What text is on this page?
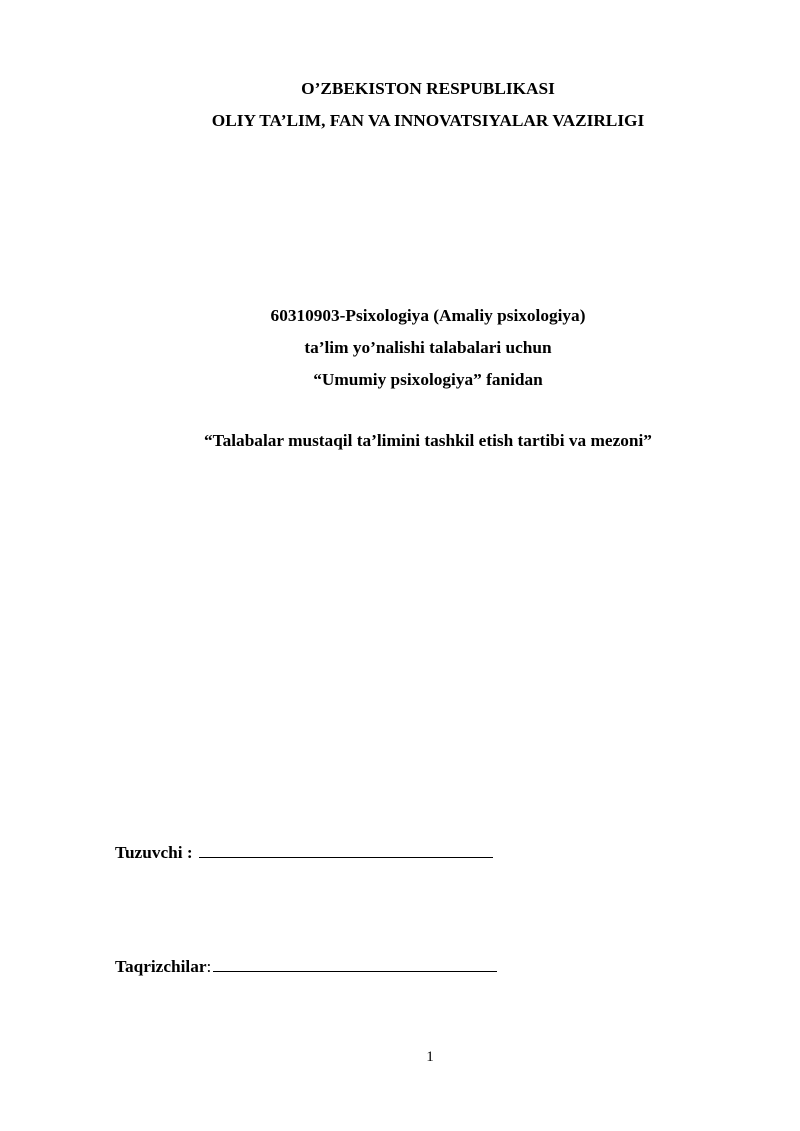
O’ZBEKISTON RESPUBLIKASI
OLIY TA’LIM, FAN VA INNOVATSIYALAR VAZIRLIGI
60310903-Psixologiya (Amaliy psixologiya)
ta’lim yo’nalishi talabalari uchun
“Umumiy psixologiya” fanidan
“Talabalar mustaqil ta’limini tashkil etish tartibi va mezoni”
Tuzuvchi :
Taqrizchilar:
1
